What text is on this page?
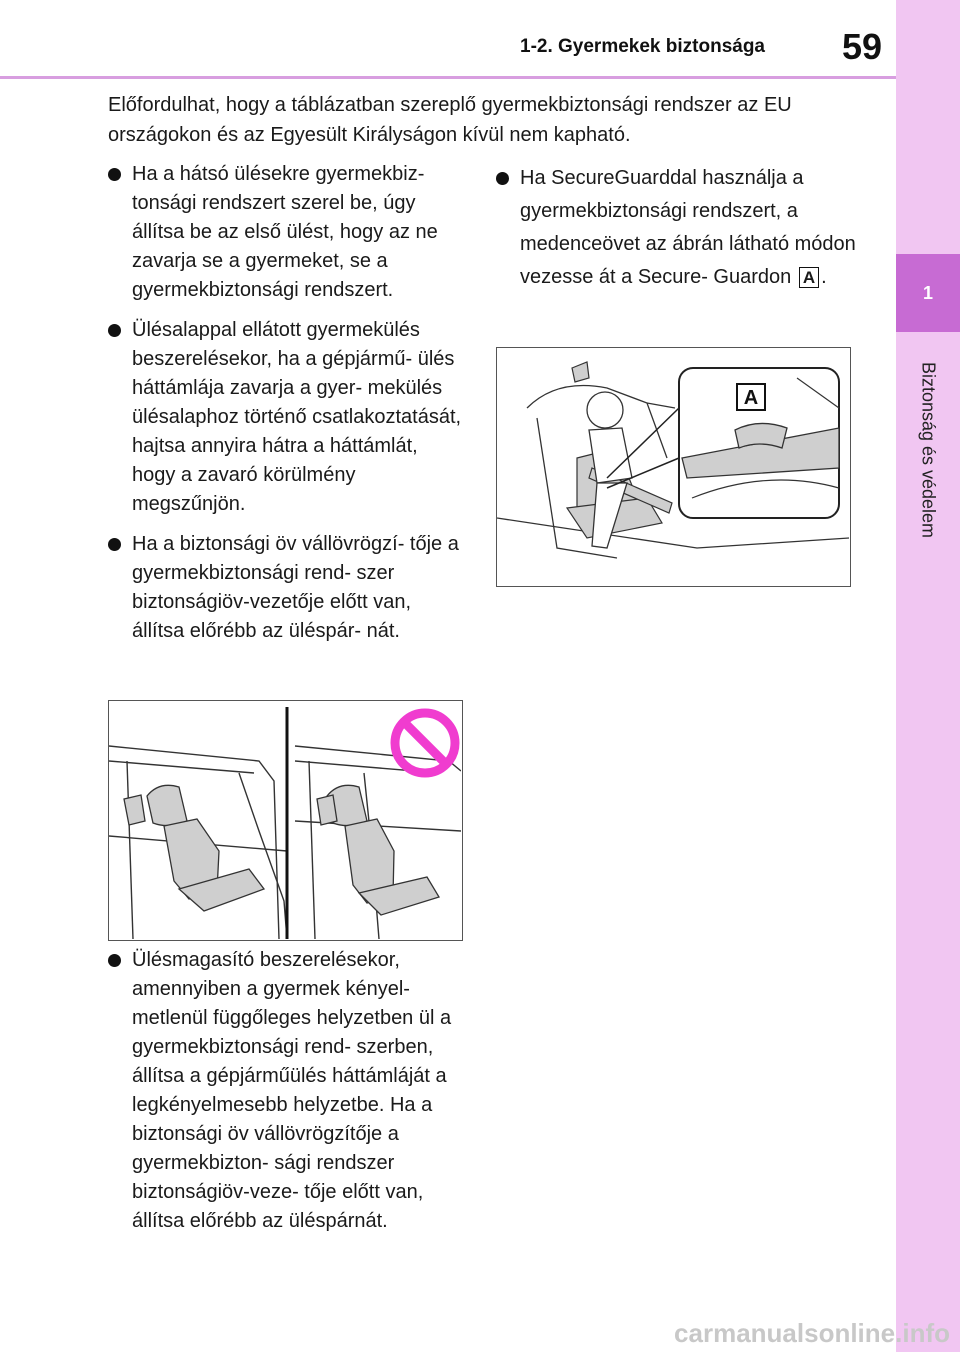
1-2. Gyermekek biztonsága	59
1
Biztonság és védelem
Előfordulhat, hogy a táblázatban szereplő gyermekbiztonsági rendszer az EU országokon és az Egyesült Királyságon kívül nem kapható.
Ha a hátsó ülésekre gyermekbiz- tonsági rendszert szerel be, úgy állítsa be az első ülést, hogy az ne zavarja se a gyermeket, se a gyermekbiztonsági rendszert.
Ülésalappal ellátott gyermekülés beszerelésekor, ha a gépjármű- ülés háttámlája zavarja a gyer- mekülés ülésalaphoz történő csatlakoztatását, hajtsa annyira hátra a háttámlát, hogy a zavaró körülmény megszűnjön.
Ha a biztonsági öv vállövrögzí- tője a gyermekbiztonsági rend- szer biztonságiöv-vezetője előtt van, állítsa előrébb az üléspár- nát.
Ülésmagasító beszerelésekor, amennyiben a gyermek kényel- metlenül függőleges helyzetben ül a gyermekbiztonsági rend- szerben, állítsa a gépjárműülés háttámláját a legkényelmesebb helyzetbe. Ha a biztonsági öv vállövrögzítője a gyermekbizton- sági rendszer biztonságiöv-veze- tője előtt van, állítsa előrébb az üléspárnát.
Ha SecureGuarddal használja a gyermekbiztonsági rendszert, a medenceövet az ábrán látható módon vezesse át a Secure- Guardon A .
A
carmanualsonline.info
